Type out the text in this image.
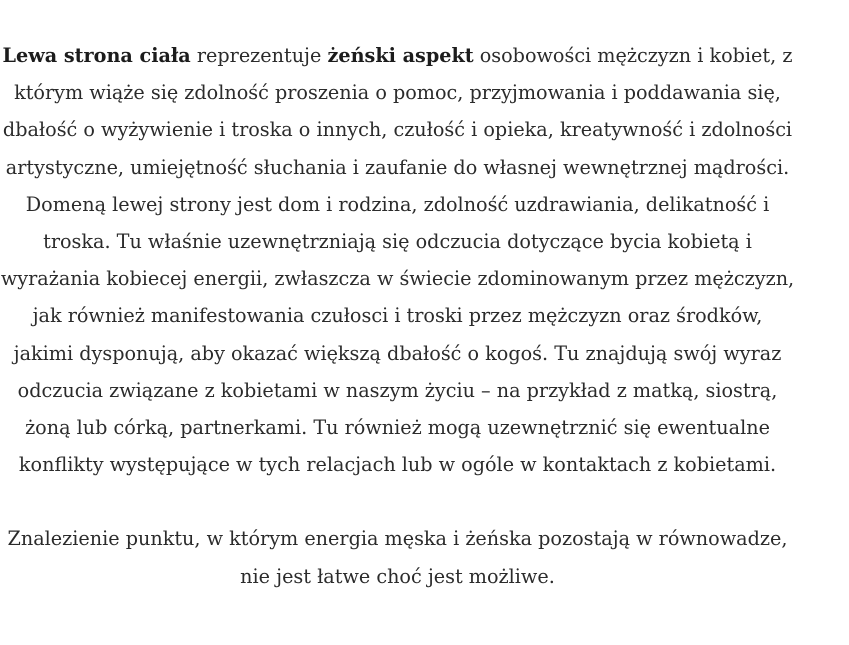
Lewa strona ciała reprezentuje żeński aspekt osobowości mężczyzn i kobiet, z którym wiąże się zdolność proszenia o pomoc, przyjmowania i poddawania się, dbałość o wyżywienie i troska o innych, czułość i opieka, kreatywność i zdolności artystyczne, umiejętność słuchania i zaufanie do własnej wewnętrznej mądrości. Domeną lewej strony jest dom i rodzina, zdolność uzdrawiania, delikatność i troska. Tu właśnie uzewnętrzniają się odczucia dotyczące bycia kobietą i wyrażania kobiecej energii, zwłaszcza w świecie zdominowanym przez mężczyzn, jak również manifestowania czułosci i troski przez mężczyzn oraz środków, jakimi dysponują, aby okazać większą dbałość o kogoś. Tu znajdują swój wyraz odczucia związane z kobietami w naszym życiu – na przykład z matką, siostrą, żoną lub córką, partnerkami. Tu również mogą uzewnętrznić się ewentualne konflikty występujące w tych relacjach lub w ogóle w kontaktach z kobietami.

Znalezienie punktu, w którym energia męska i żeńska pozostają w równowadze, nie jest łatwe choć jest możliwe.
